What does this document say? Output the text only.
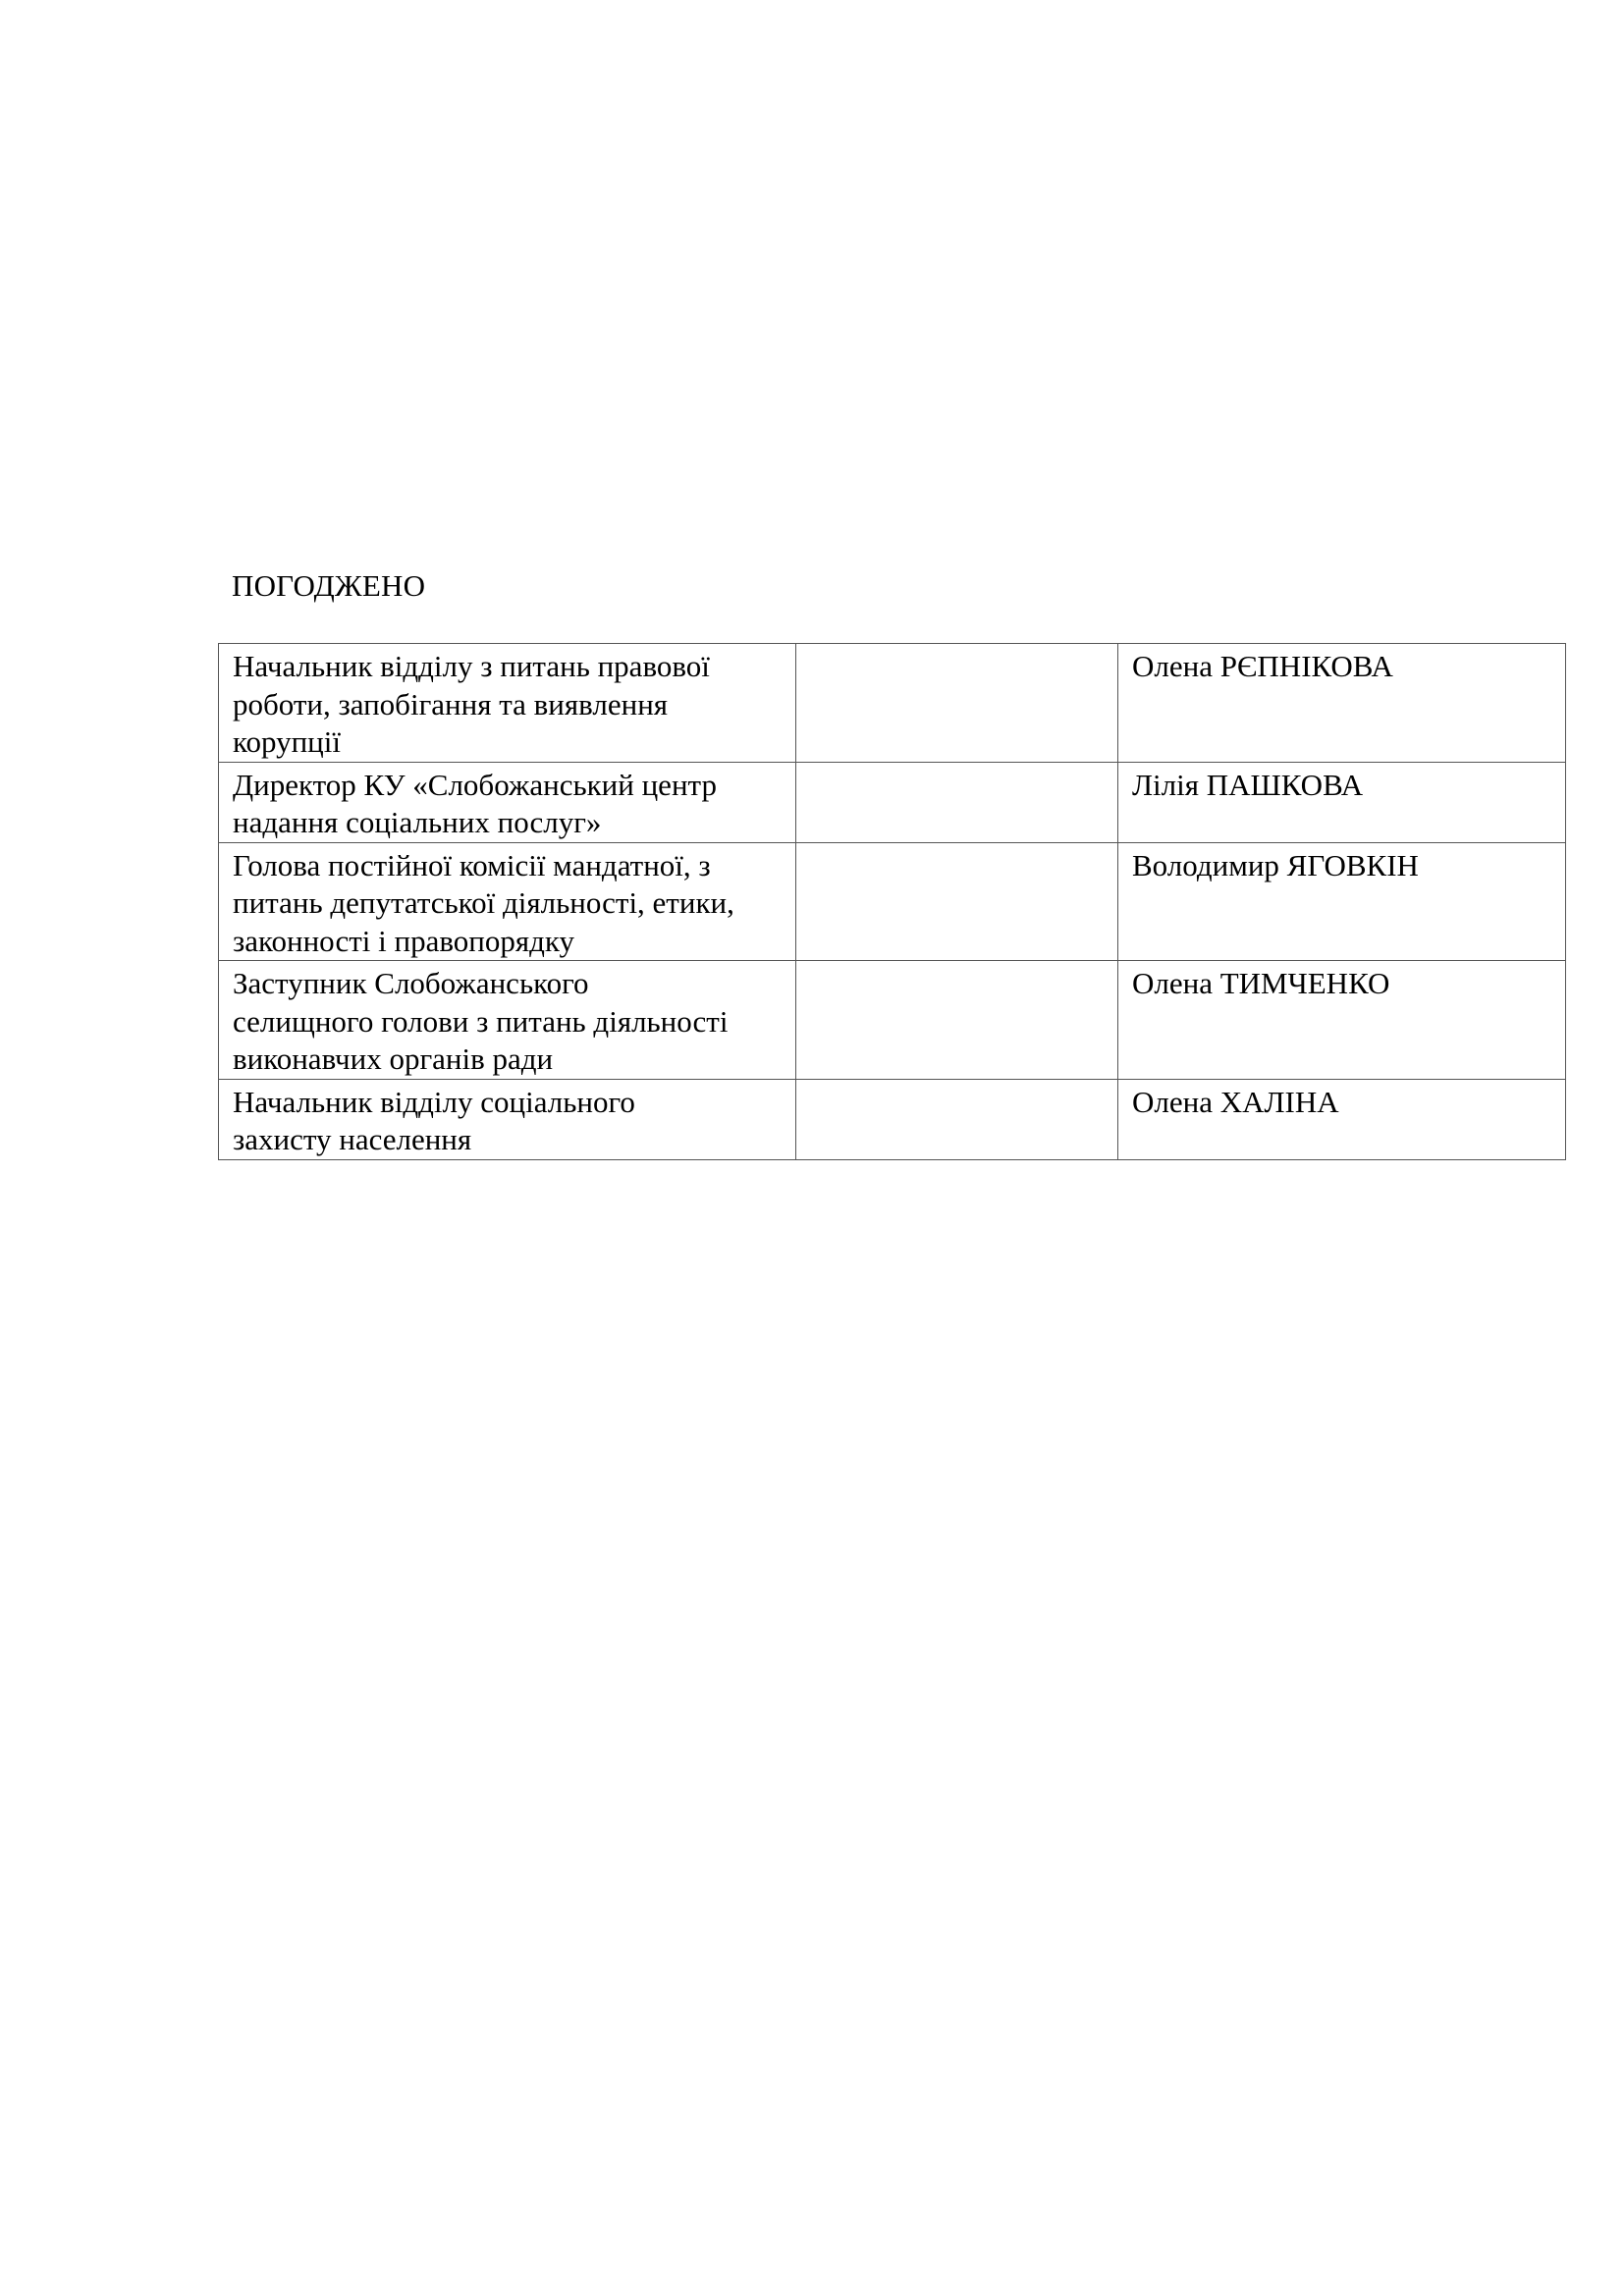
ПОГОДЖЕНО
Начальник відділу з питань правової
роботи, запобігання та виявлення
корупції		Олена РЄПНІКОВА

Директор КУ «Слобожанський центр
надання соціальних послуг»		Лілія ПАШКОВА

Голова постійної комісії мандатної, з
питань депутатської діяльності, етики,
законності і правопорядку		Володимир ЯГОВКІН

Заступник Слобожанського
селищного голови з питань діяльності
виконавчих органів ради		Олена ТИМЧЕНКО

Начальник відділу соціального
захисту населення		Олена ХАЛІНА
